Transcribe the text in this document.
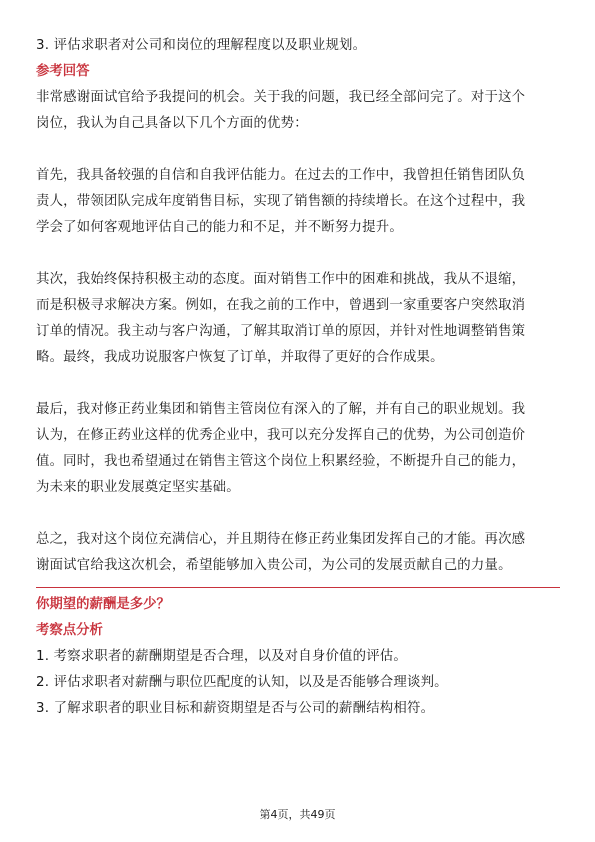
3. 评估求职者对公司和岗位的理解程度以及职业规划。

参考回答

非常感谢面试官给予我提问的机会。关于我的问题，我已经全部问完了。对于这个

岗位，我认为自己具备以下几个方面的优势：

首先，我具备较强的自信和自我评估能力。在过去的工作中，我曾担任销售团队负

责人，带领团队完成年度销售目标，实现了销售额的持续增长。在这个过程中，我

学会了如何客观地评估自己的能力和不足，并不断努力提升。

其次，我始终保持积极主动的态度。面对销售工作中的困难和挑战，我从不退缩，

而是积极寻求解决方案。例如，在我之前的工作中，曾遇到一家重要客户突然取消

订单的情况。我主动与客户沟通，了解其取消订单的原因，并针对性地调整销售策

略。最终，我成功说服客户恢复了订单，并取得了更好的合作成果。

最后，我对修正药业集团和销售主管岗位有深入的了解，并有自己的职业规划。我

认为，在修正药业这样的优秀企业中，我可以充分发挥自己的优势，为公司创造价

值。同时，我也希望通过在销售主管这个岗位上积累经验，不断提升自己的能力，

为未来的职业发展奠定坚实基础。

总之，我对这个岗位充满信心，并且期待在修正药业集团发挥自己的才能。再次感

谢面试官给我这次机会，希望能够加入贵公司，为公司的发展贡献自己的力量。

你期望的薪酬是多少？

考察点分析

1. 考察求职者的薪酬期望是否合理，以及对自身价值的评估。

2. 评估求职者对薪酬与职位匹配度的认知，以及是否能够合理谈判。

3. 了解求职者的职业目标和薪资期望是否与公司的薪酬结构相符。

第4页，共49页
